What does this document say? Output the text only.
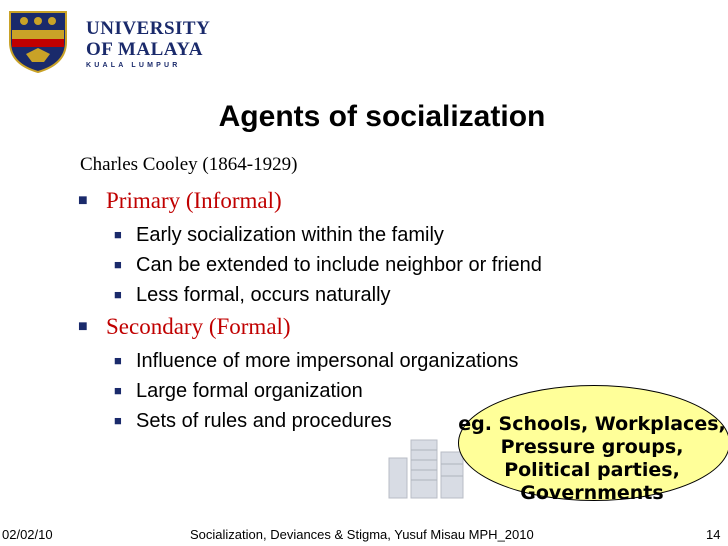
UNIVERSITY
OF MALAYA
KUALA LUMPUR
Agents of socialization
Charles Cooley (1864-1929)
■ Primary (Informal)
■ Early socialization within the family
■ Can be extended to include neighbor or friend
■ Less formal, occurs naturally
■ Secondary (Formal)
■ Influence of more impersonal organizations
■ Large formal organization
■ Sets of rules and procedures	eg. Schools, Workplaces,
Pressure groups,
Political parties,
Governments
02/02/10	Socialization, Deviances & Stigma, Yusuf Misau MPH_2010	14
